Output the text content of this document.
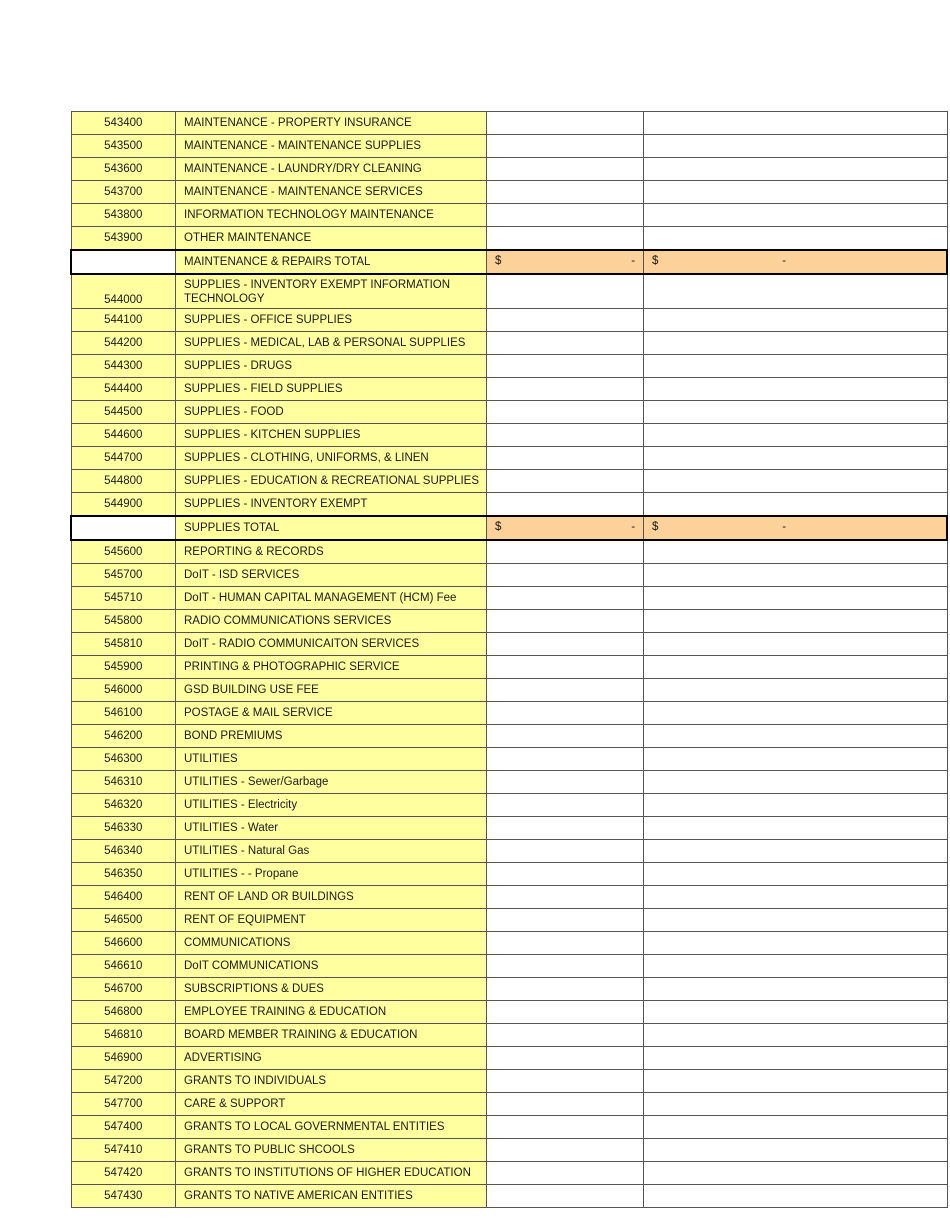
543400	MAINTENANCE - PROPERTY INSURANCE		
543500	MAINTENANCE - MAINTENANCE SUPPLIES		
543600	MAINTENANCE - LAUNDRY/DRY CLEANING		
543700	MAINTENANCE - MAINTENANCE SERVICES		
543800	INFORMATION TECHNOLOGY MAINTENANCE		
543900	OTHER MAINTENANCE		
	MAINTENANCE & REPAIRS TOTAL	$ -	$ -

544000	SUPPLIES - INVENTORY EXEMPT INFORMATION TECHNOLOGY		
544100	SUPPLIES - OFFICE SUPPLIES		
544200	SUPPLIES - MEDICAL, LAB & PERSONAL SUPPLIES		
544300	SUPPLIES - DRUGS		
544400	SUPPLIES - FIELD SUPPLIES		
544500	SUPPLIES - FOOD		
544600	SUPPLIES - KITCHEN SUPPLIES		
544700	SUPPLIES - CLOTHING, UNIFORMS, & LINEN		
544800	SUPPLIES - EDUCATION & RECREATIONAL SUPPLIES		
544900	SUPPLIES - INVENTORY EXEMPT		
	SUPPLIES TOTAL	$ -	$ -

545600	REPORTING & RECORDS		
545700	DoIT - ISD SERVICES		
545710	DoIT - HUMAN CAPITAL MANAGEMENT (HCM) Fee		
545800	RADIO COMMUNICATIONS SERVICES		
545810	DoIT - RADIO COMMUNICAITON SERVICES		
545900	PRINTING & PHOTOGRAPHIC SERVICE		
546000	GSD BUILDING USE FEE		
546100	POSTAGE & MAIL SERVICE		
546200	BOND PREMIUMS		
546300	UTILITIES		
546310	UTILITIES - Sewer/Garbage		
546320	UTILITIES - Electricity		
546330	UTILITIES - Water		
546340	UTILITIES - Natural Gas		
546350	UTILITIES - - Propane		
546400	RENT OF LAND OR BUILDINGS		
546500	RENT OF EQUIPMENT		
546600	COMMUNICATIONS		
546610	DoIT COMMUNICATIONS		
546700	SUBSCRIPTIONS & DUES		
546800	EMPLOYEE TRAINING & EDUCATION		
546810	BOARD MEMBER TRAINING & EDUCATION		
546900	ADVERTISING		
547200	GRANTS TO INDIVIDUALS		
547700	CARE & SUPPORT		
547400	GRANTS TO LOCAL GOVERNMENTAL ENTITIES		
547410	GRANTS TO PUBLIC SHCOOLS		
547420	GRANTS TO INSTITUTIONS OF HIGHER EDUCATION		
547430	GRANTS TO NATIVE AMERICAN ENTITIES		
